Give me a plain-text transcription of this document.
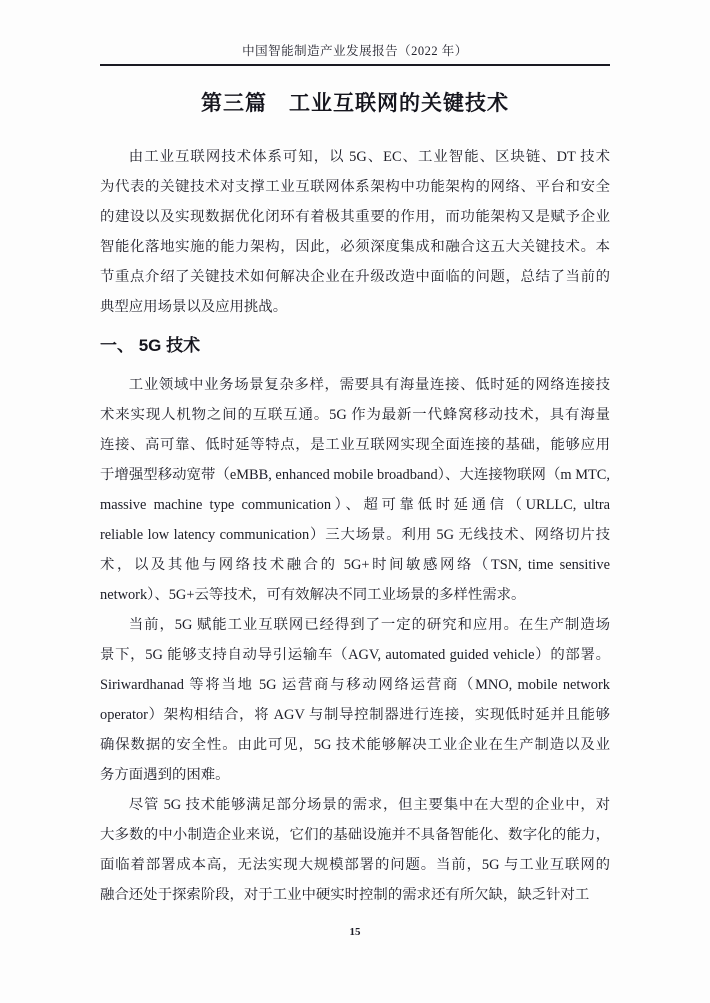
中国智能制造产业发展报告（2022 年）
第三篇　工业互联网的关键技术
由工业互联网技术体系可知，以 5G、EC、工业智能、区块链、DT 技术
为代表的关键技术对支撑工业互联网体系架构中功能架构的网络、平台和安全
的建设以及实现数据优化闭环有着极其重要的作用，而功能架构又是赋予企业
智能化落地实施的能力架构，因此，必须深度集成和融合这五大关键技术。本
节重点介绍了关键技术如何解决企业在升级改造中面临的问题，总结了当前的
典型应用场景以及应用挑战。
一、 5G 技术
工业领域中业务场景复杂多样，需要具有海量连接、低时延的网络连接技
术来实现人机物之间的互联互通。5G 作为最新一代蜂窝移动技术，具有海量
连接、高可靠、低时延等特点，是工业互联网实现全面连接的基础，能够应用
于增强型移动宽带（eMBB, enhanced mobile broadband）、大连接物联网（m MTC,
massive machine type communication）、超可靠低时延通信（URLLC, ultra
reliable low latency communication）三大场景。利用 5G 无线技术、网络切片技
术，以及其他与网络技术融合的 5G+时间敏感网络（TSN, time sensitive
network）、5G+云等技术，可有效解决不同工业场景的多样性需求。
当前，5G 赋能工业互联网已经得到了一定的研究和应用。在生产制造场
景下，5G 能够支持自动导引运输车（AGV, automated guided vehicle）的部署。
Siriwardhanad 等将当地 5G 运营商与移动网络运营商（MNO, mobile network
operator）架构相结合，将 AGV 与制导控制器进行连接，实现低时延并且能够
确保数据的安全性。由此可见，5G 技术能够解决工业企业在生产制造以及业
务方面遇到的困难。
尽管 5G 技术能够满足部分场景的需求，但主要集中在大型的企业中，对
大多数的中小制造企业来说，它们的基础设施并不具备智能化、数字化的能力，
面临着部署成本高，无法实现大规模部署的问题。当前，5G 与工业互联网的
融合还处于探索阶段，对于工业中硬实时控制的需求还有所欠缺，缺乏针对工
15
